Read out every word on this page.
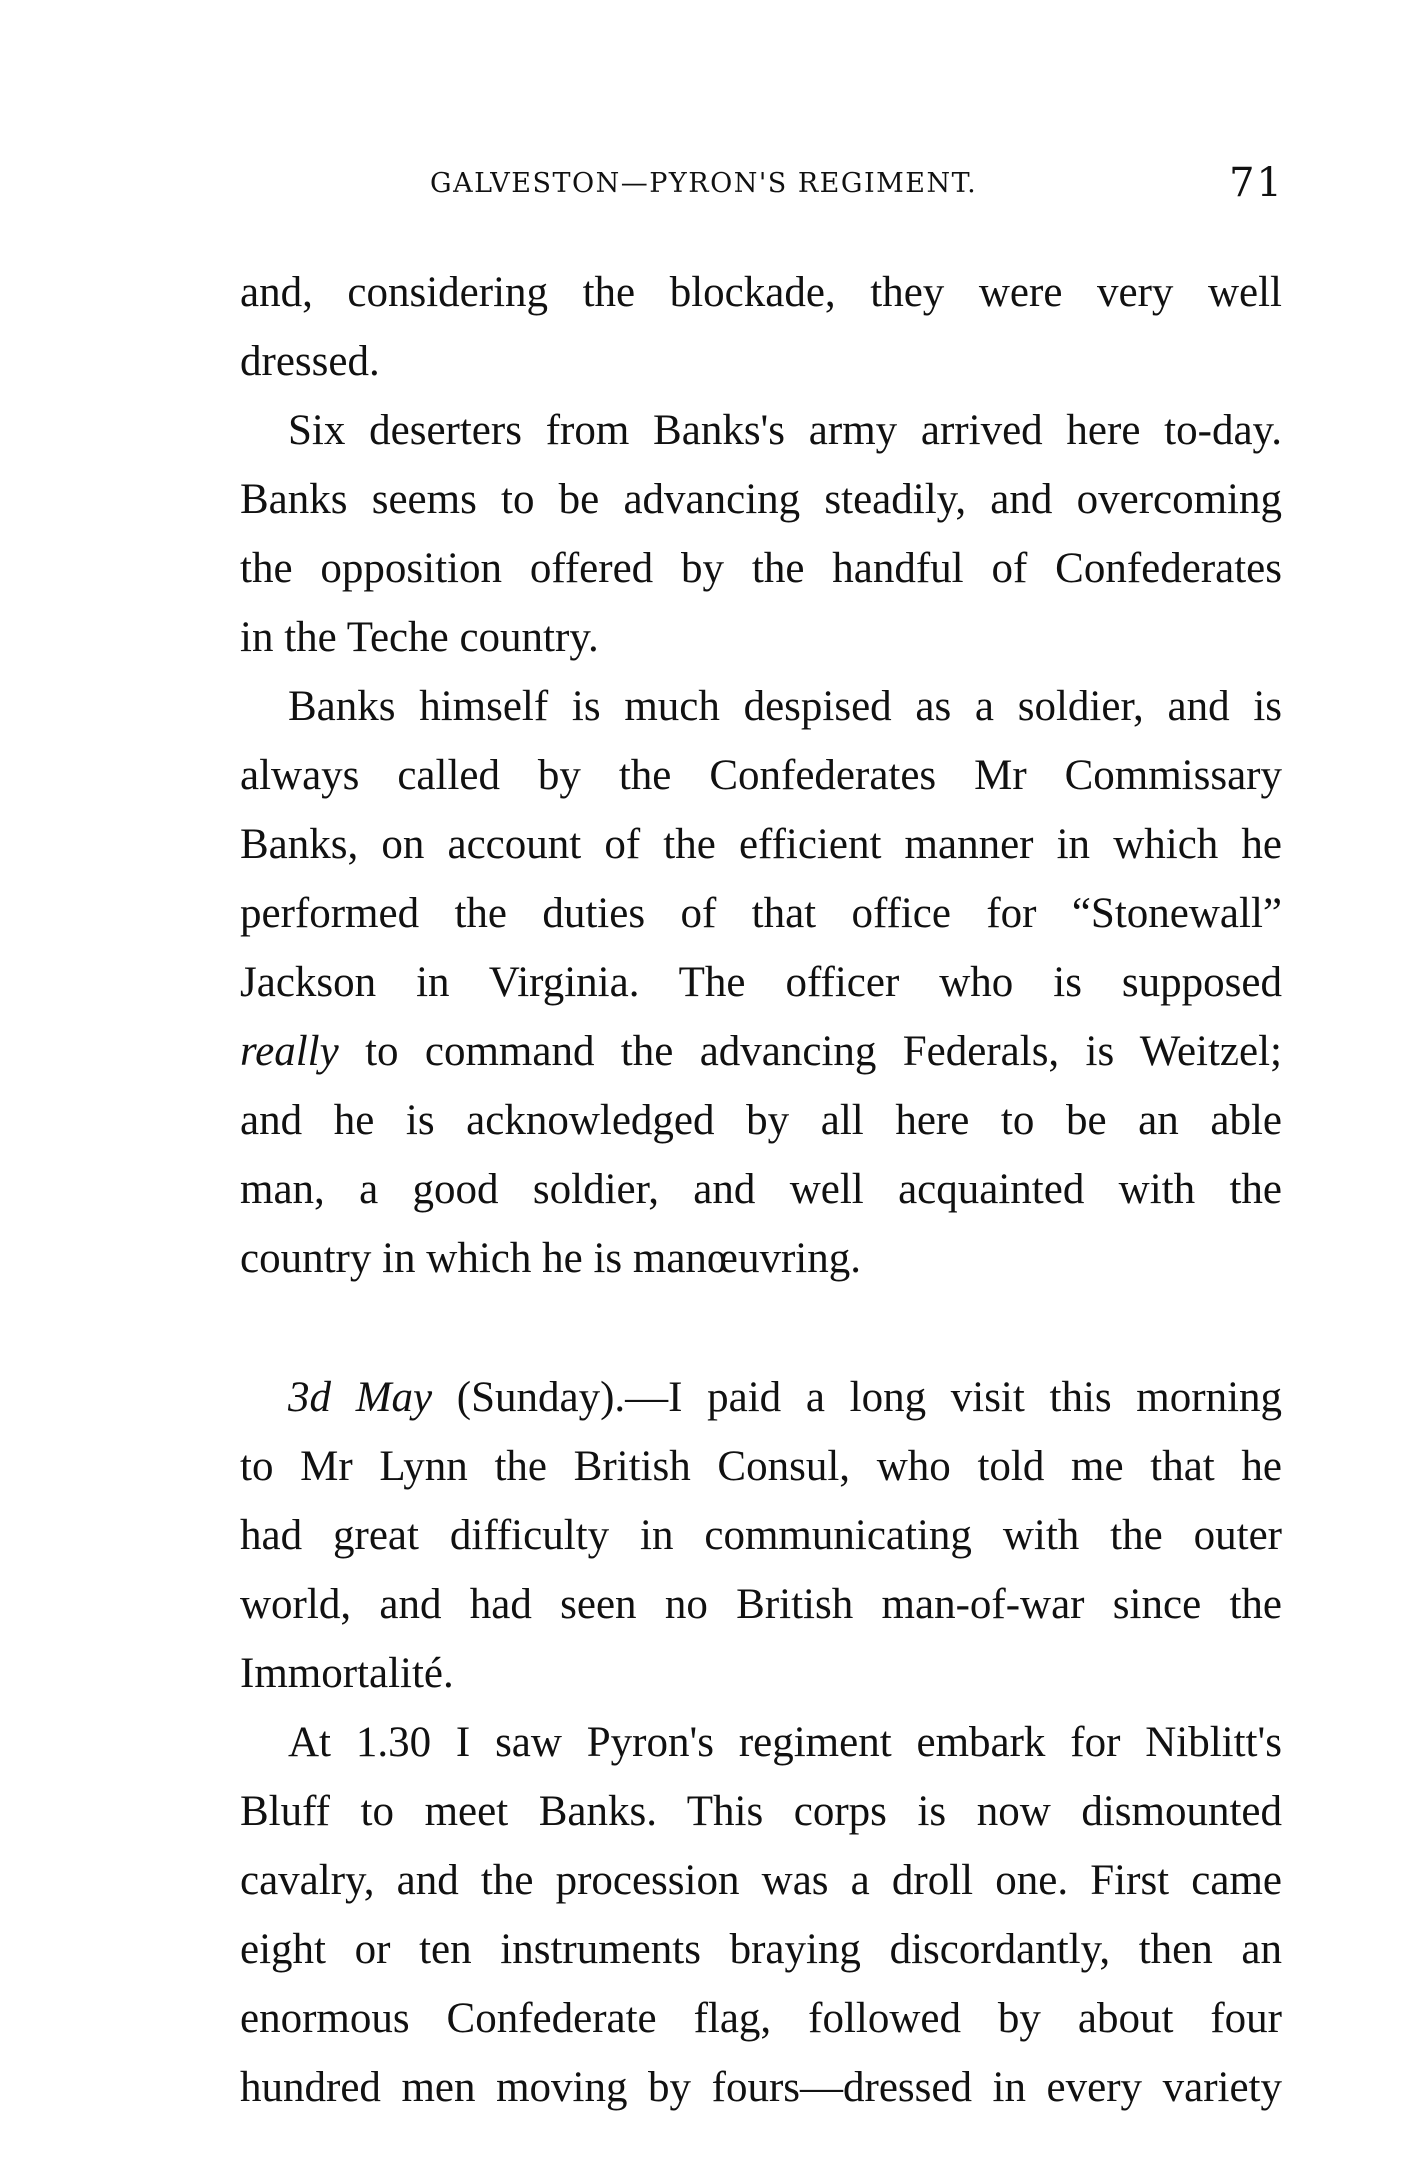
GALVESTON—PYRON'S REGIMENT.	71

and, considering the blockade, they were very well
dressed.

Six deserters from Banks's army arrived here to-day.
Banks seems to be advancing steadily, and overcoming
the opposition offered by the handful of Confederates
in the Teche country.

Banks himself is much despised as a soldier, and is
always called by the Confederates Mr Commissary
Banks, on account of the efficient manner in which he
performed the duties of that office for “Stonewall”
Jackson in Virginia. The officer who is supposed
really to command the advancing Federals, is Weitzel;
and he is acknowledged by all here to be an able
man, a good soldier, and well acquainted with the
country in which he is manœuvring.

3d May (Sunday).—I paid a long visit this morning
to Mr Lynn the British Consul, who told me that he
had great difficulty in communicating with the outer
world, and had seen no British man-of-war since the
Immortalité.

At 1.30 I saw Pyron's regiment embark for Niblitt's
Bluff to meet Banks. This corps is now dismounted
cavalry, and the procession was a droll one. First came
eight or ten instruments braying discordantly, then an
enormous Confederate flag, followed by about four
hundred men moving by fours—dressed in every variety
